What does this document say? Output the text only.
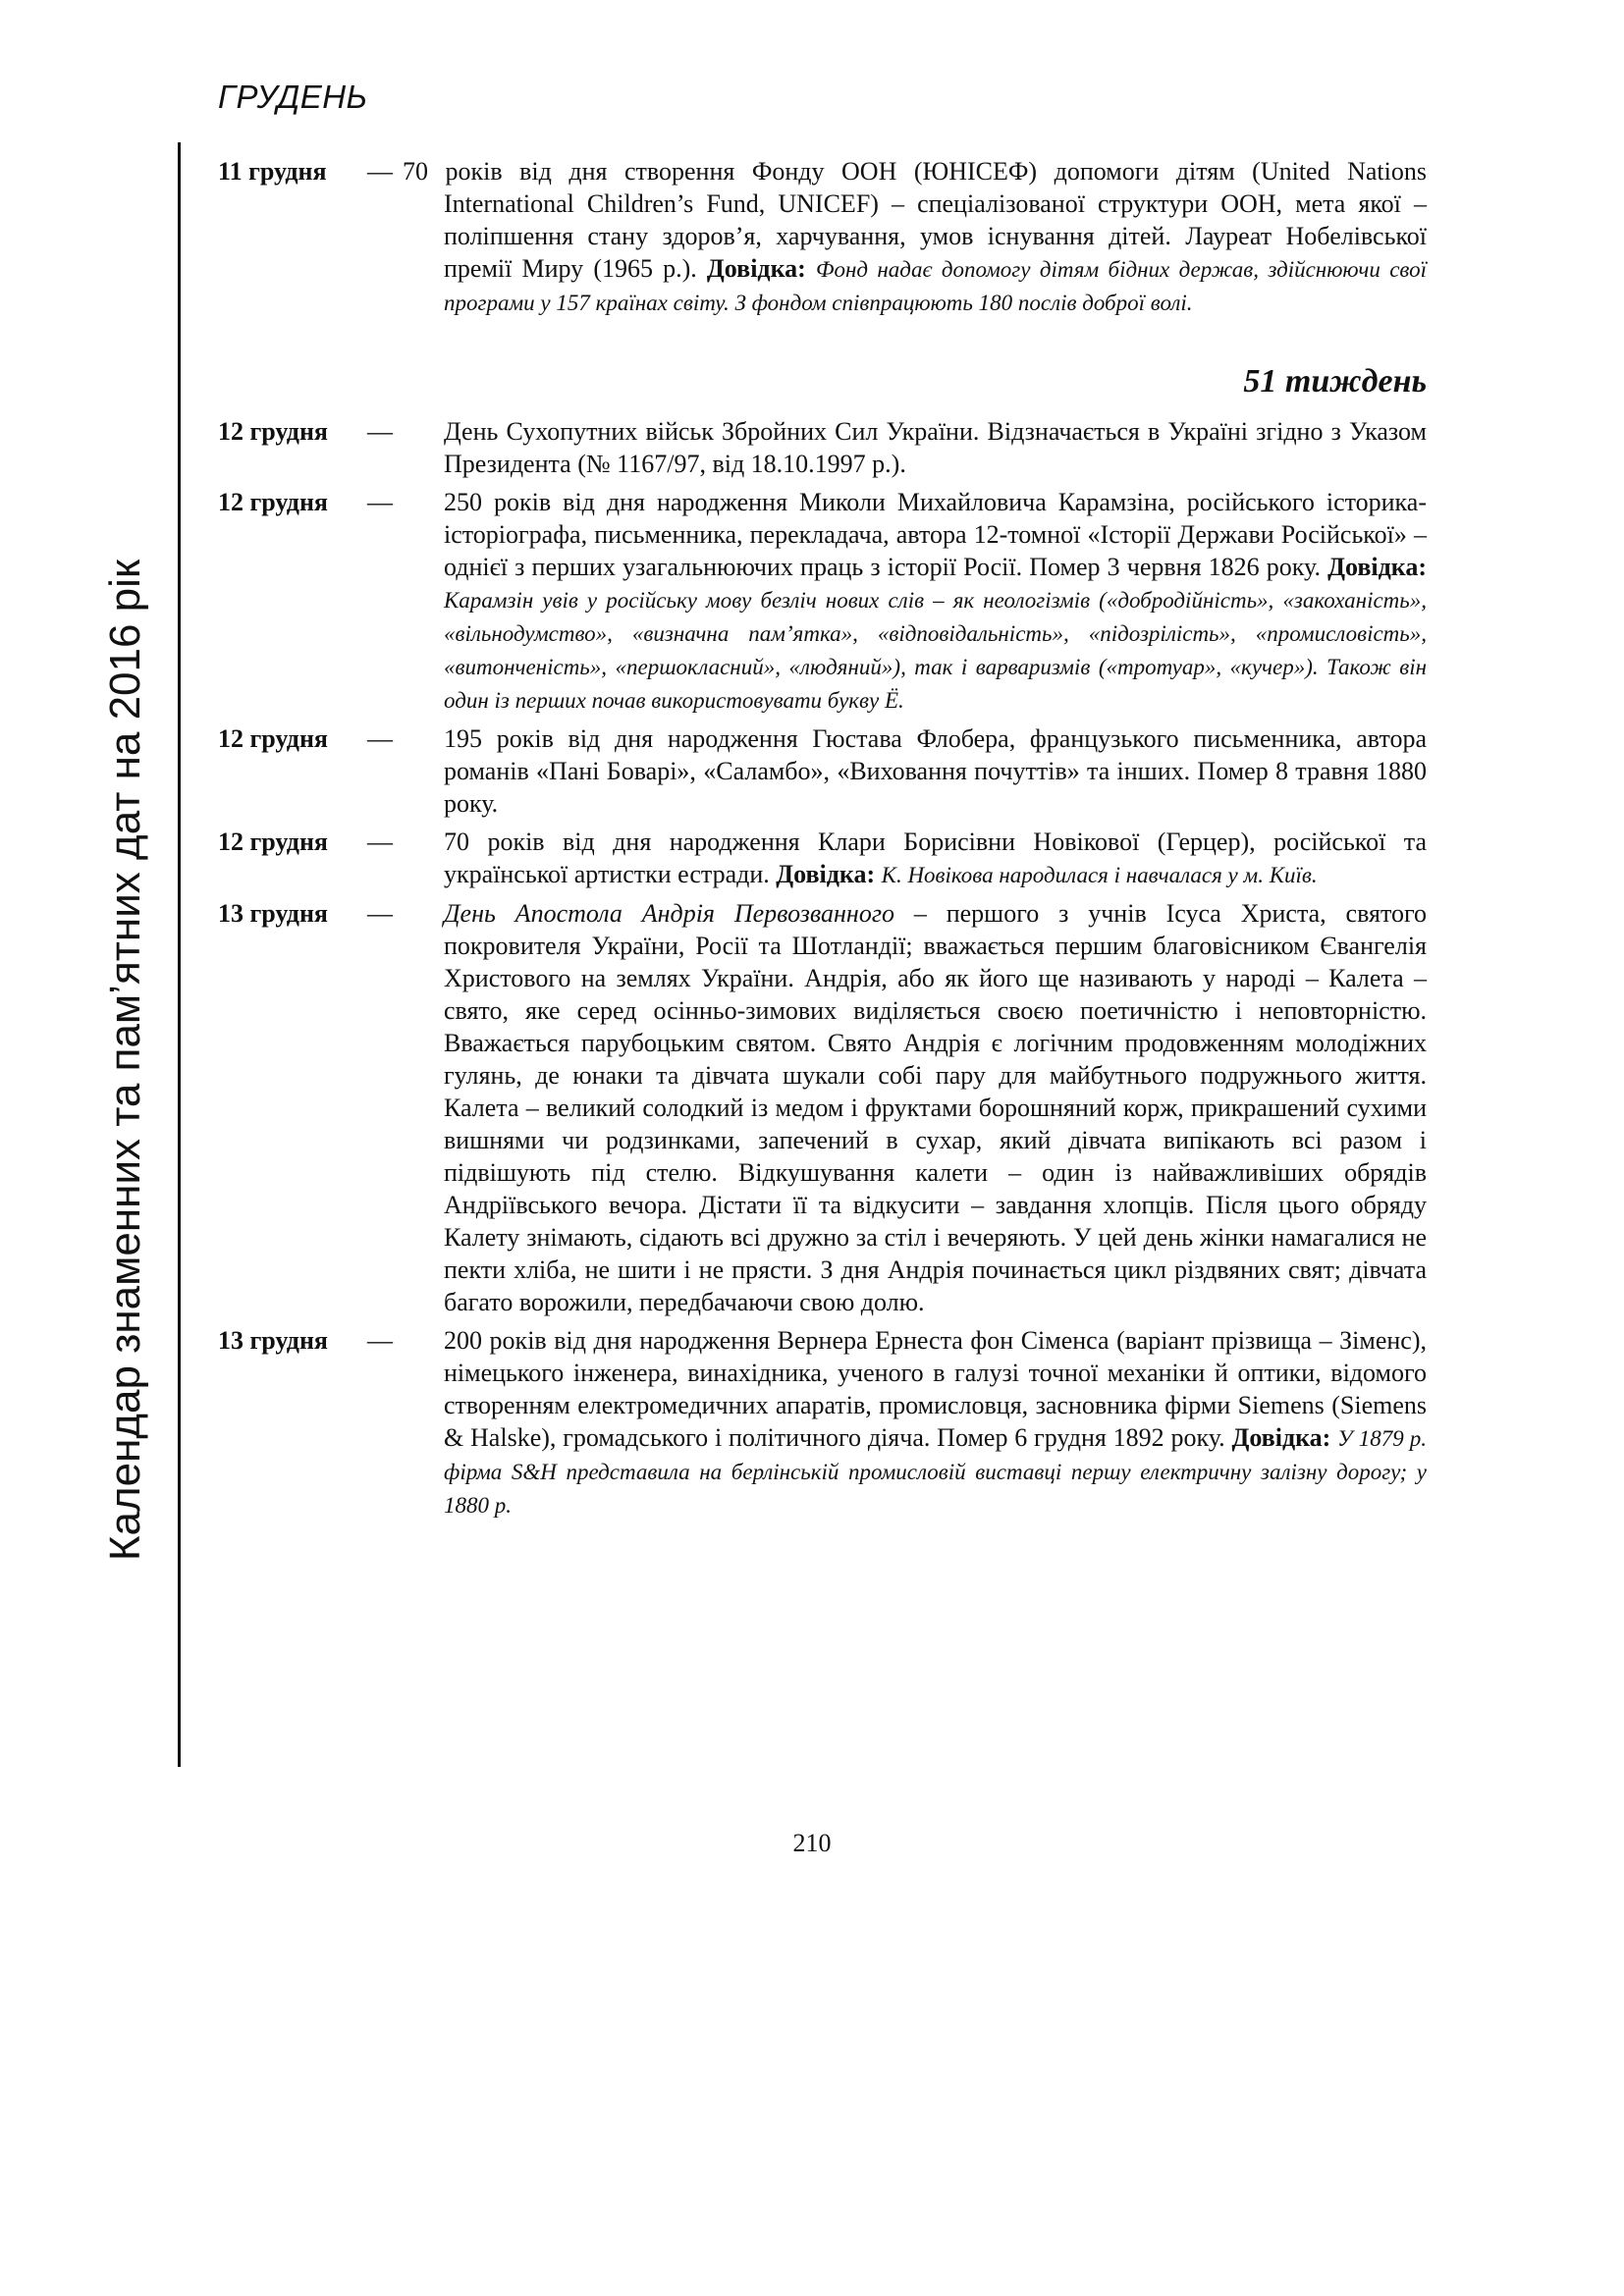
ГРУДЕНЬ
Календар знаменних та пам’ятних дат на 2016 рік
11 грудня — 70 років від дня створення Фонду ООН (ЮНІСЕФ) допомоги дітям (United Nations International Children’s Fund, UNICEF) – спеціалізованої структури ООН, мета якої – поліпшення стану здоров’я, харчування, умов існування дітей. Лауреат Нобелівської премії Миру (1965 р.). Довідка: Фонд надає допомогу дітям бідних держав, здійснюючи свої програми у 157 країнах світу. З фондом співпрацюють 180 послів доброї волі.
51 тиждень
12 грудня — День Сухопутних військ Збройних Сил України. Відзначається в Україні згідно з Указом Президента (№ 1167/97, від 18.10.1997 р.).
12 грудня — 250 років від дня народження Миколи Михайловича Карамзіна, російського історика-історіографа, письменника, перекладача, автора 12-томної «Історії Держави Російської» – однієї з перших узагальнюючих праць з історії Росії. Помер 3 червня 1826 року. Довідка: Карамзін увів у російську мову безліч нових слів – як неологізмів («добродійність», «закоханість», «вільнодумство», «визначна пам’ятка», «відповідальність», «підозрілість», «промисловість», «витонченість», «першокласний», «людяний»), так і варваризмів («тротуар», «кучер»). Також він один із перших почав використовувати букву Ё.
12 грудня — 195 років від дня народження Гюстава Флобера, французького письменника, автора романів «Пані Боварі», «Саламбо», «Виховання почуттів» та інших. Помер 8 травня 1880 року.
12 грудня — 70 років від дня народження Клари Борисівни Новікової (Герцер), російської та української артистки естради. Довідка: К. Новікова народилася і навчалася у м. Київ.
13 грудня — День Апостола Андрія Первозванного – першого з учнів Ісуса Христа, святого покровителя України, Росії та Шотландії; вважається першим благовісником Євангелія Христового на землях України. Андрія, або як його ще називають у народі – Калета – свято, яке серед осінньо-зимових виділяється своєю поетичністю і неповторністю. Вважається парубоцьким святом. Свято Андрія є логічним продовженням молодіжних гулянь, де юнаки та дівчата шукали собі пару для майбутнього подружнього життя. Калета – великий солодкий із медом і фруктами борошняний корж, прикрашений сухими вишнями чи родзинками, запечений в сухар, який дівчата випікають всі разом і підвішують під стелю. Відкушування калети – один із найважливіших обрядів Андріївського вечора. Дістати її та відкусити – завдання хлопців. Після цього обряду Калету знімають, сідають всі дружно за стіл і вечеряють. У цей день жінки намагалися не пекти хліба, не шити і не прясти. З дня Андрія починається цикл різдвяних свят; дівчата багато ворожили, передбачаючи свою долю.
13 грудня — 200 років від дня народження Вернера Ернеста фон Сіменса (варіант прізвища – Зіменс), німецького інженера, винахідника, ученого в галузі точної механіки й оптики, відомого створенням електромедичних апаратів, промисловця, засновника фірми Siemens (Siemens & Halske), громадського і політичного діяча. Помер 6 грудня 1892 року. Довідка: У 1879 р. фірма S&H представила на берлінській промисловій виставці першу електричну залізну дорогу; у 1880 р.
210
